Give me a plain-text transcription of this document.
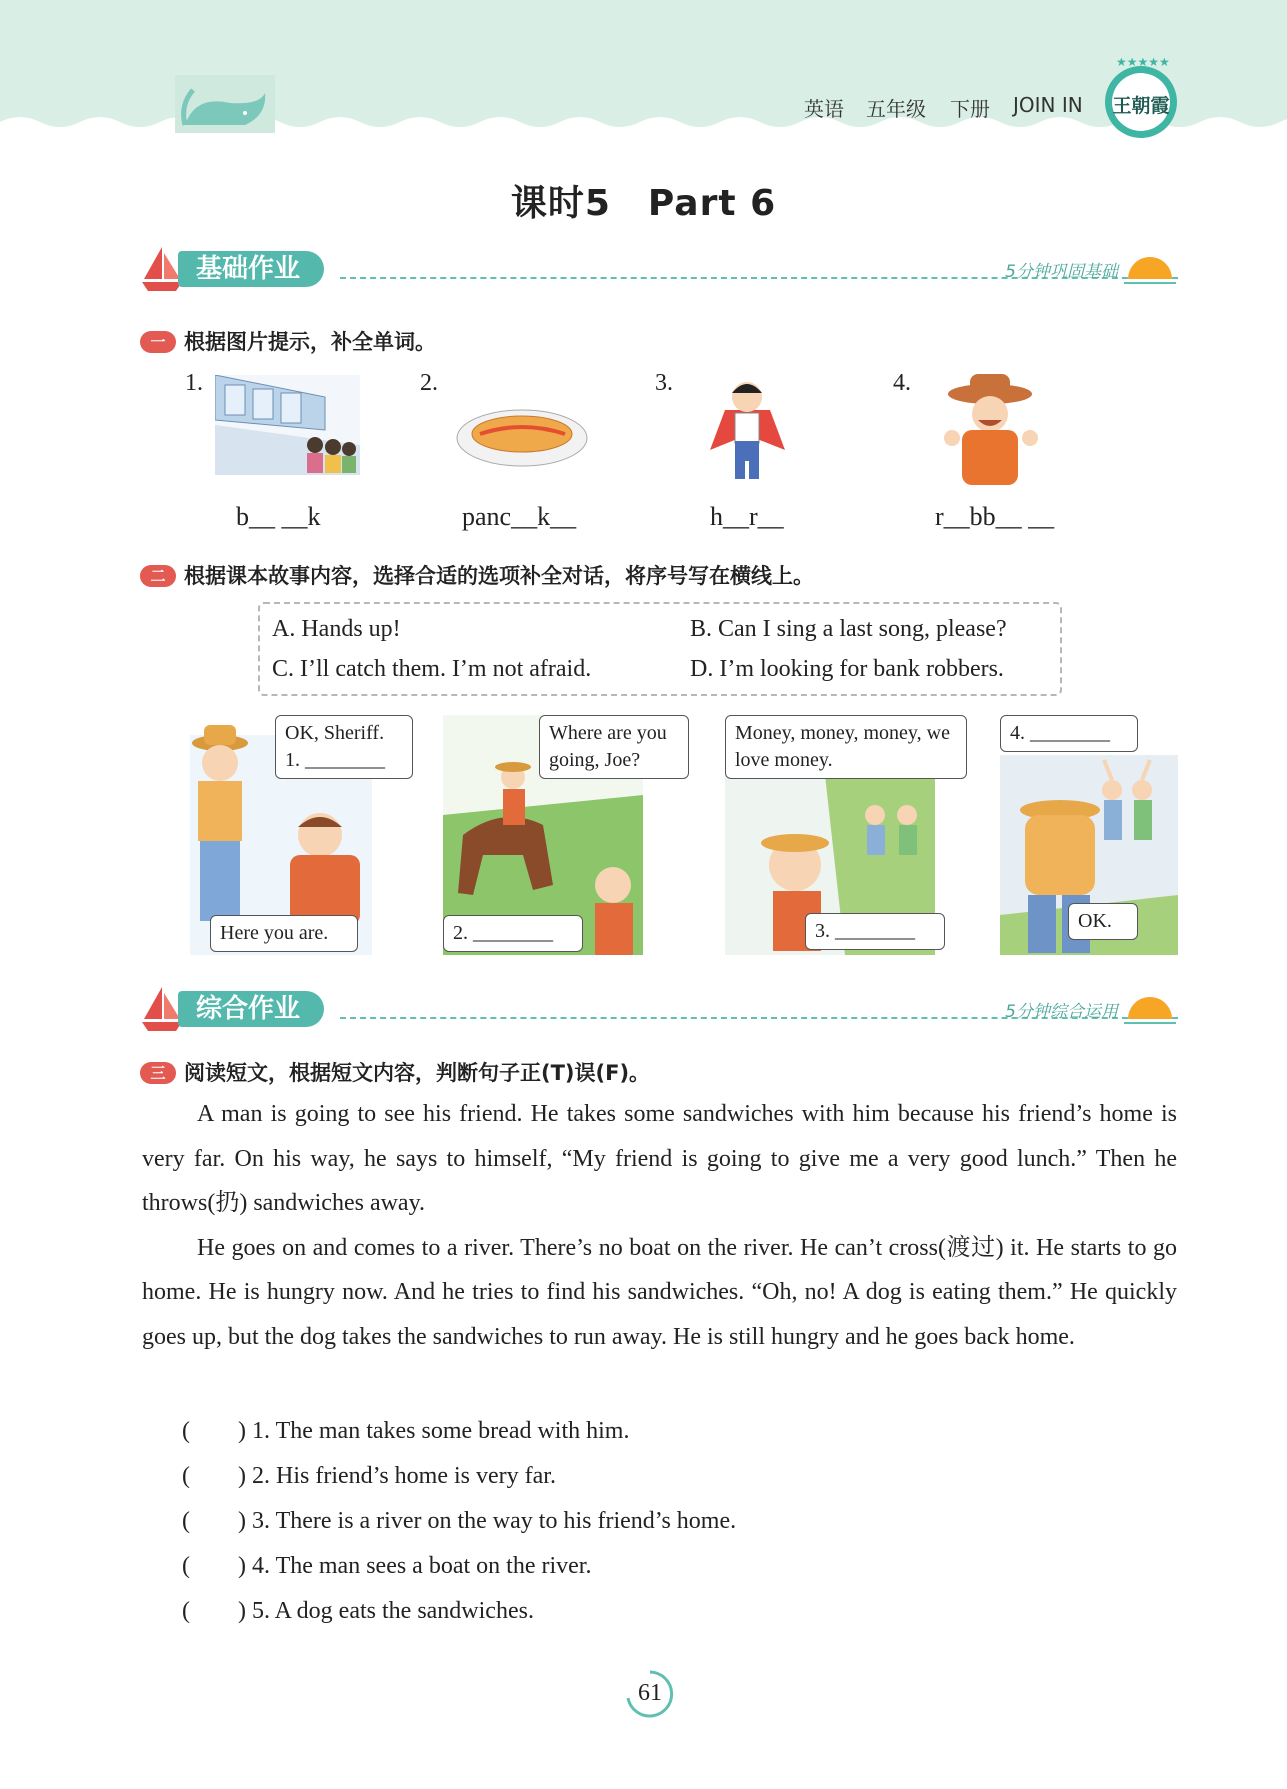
英语 五年级 下册 JOIN IN
★★★★★
王朝霞
课时5　Part 6
基础作业	5分钟巩固基础
一 根据图片提示，补全单词。
1.
b__ __k
2.
panc__k__
3.
h__r__
4.
r__bb__ __
二 根据课本故事内容，选择合适的选项补全对话，将序号写在横线上。
A. Hands up!	B. Can I sing a last song, please?
C. I’ll catch them. I’m not afraid.	D. I’m looking for bank robbers.
OK, Sheriff.
1. ________
Here you are.
Where are you going, Joe?
2. ________
Money, money, money, we love money.
3. ________
4. ________
OK.
综合作业	5分钟综合运用
三 阅读短文，根据短文内容，判断句子正(T)误(F)。

A man is going to see his friend. He takes some sandwiches with him because his friend’s home is very far. On his way, he says to himself, “My friend is going to give me a very good lunch.” Then he throws(扔) sandwiches away.

He goes on and comes to a river. There’s no boat on the river. He can’t cross(渡过) it. He starts to go home. He is hungry now. And he tries to find his sandwiches. “Oh, no! A dog is eating them.” He quickly goes up, but the dog takes the sandwiches to run away. He is still hungry and he goes back home.

(　　) 1. The man takes some bread with him.
(　　) 2. His friend’s home is very far.
(　　) 3. There is a river on the way to his friend’s home.
(　　) 4. The man sees a boat on the river.
(　　) 5. A dog eats the sandwiches.
61
